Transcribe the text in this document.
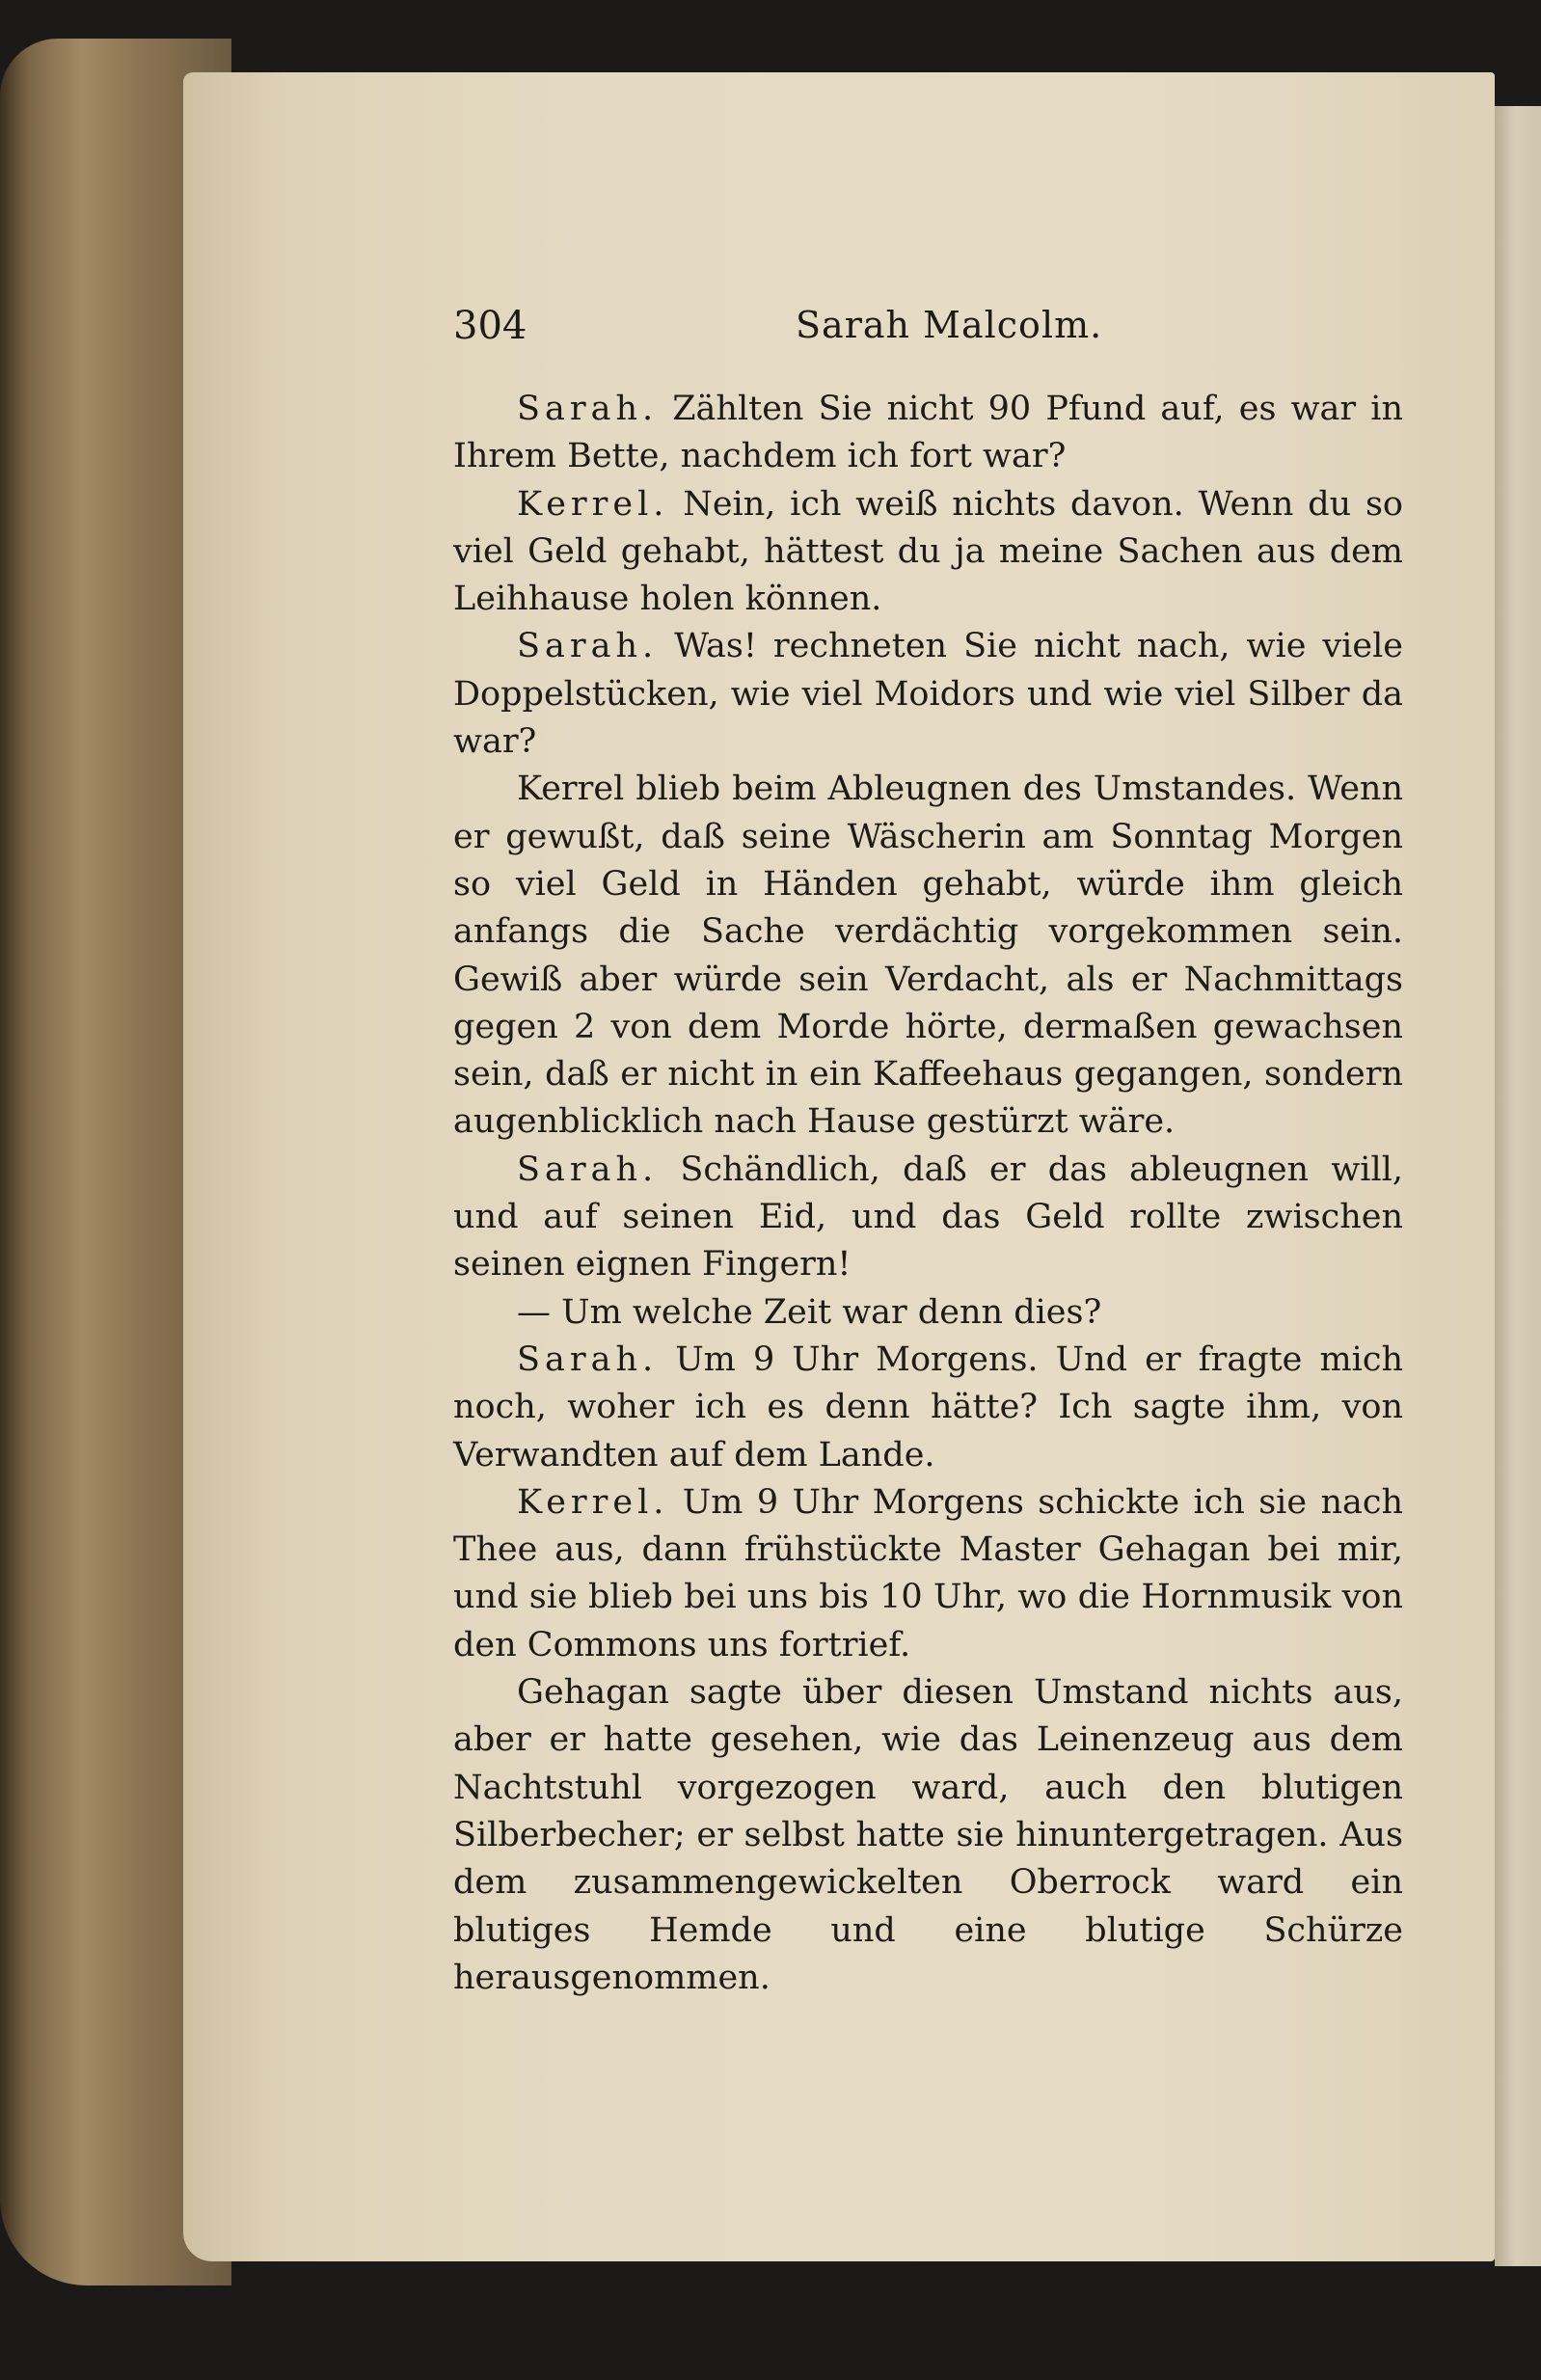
304	Sarah Malcolm.

Sarah. Zählten Sie nicht 90 Pfund auf, es war in Ihrem Bette, nachdem ich fort war?

Kerrel. Nein, ich weiß nichts davon. Wenn du so viel Geld gehabt, hättest du ja meine Sachen aus dem Leihhause holen können.

Sarah. Was! rechneten Sie nicht nach, wie viele Doppelstücken, wie viel Moidors und wie viel Silber da war?

Kerrel blieb beim Ableugnen des Umstandes. Wenn er gewußt, daß seine Wäscherin am Sonntag Morgen so viel Geld in Händen gehabt, würde ihm gleich anfangs die Sache verdächtig vorgekommen sein. Gewiß aber würde sein Verdacht, als er Nachmittags gegen 2 von dem Morde hörte, dermaßen gewachsen sein, daß er nicht in ein Kaffeehaus gegangen, sondern augenblicklich nach Hause gestürzt wäre.

Sarah. Schändlich, daß er das ableugnen will, und auf seinen Eid, und das Geld rollte zwischen seinen eignen Fingern!

— Um welche Zeit war denn dies?

Sarah. Um 9 Uhr Morgens. Und er fragte mich noch, woher ich es denn hätte? Ich sagte ihm, von Verwandten auf dem Lande.

Kerrel. Um 9 Uhr Morgens schickte ich sie nach Thee aus, dann frühstückte Master Gehagan bei mir, und sie blieb bei uns bis 10 Uhr, wo die Hornmusik von den Commons uns fortrief.

Gehagan sagte über diesen Umstand nichts aus, aber er hatte gesehen, wie das Leinenzeug aus dem Nachtstuhl vorgezogen ward, auch den blutigen Silberbecher; er selbst hatte sie hinuntergetragen. Aus dem zusammengewickelten Oberrock ward ein blutiges Hemde und eine blutige Schürze herausgenommen.
